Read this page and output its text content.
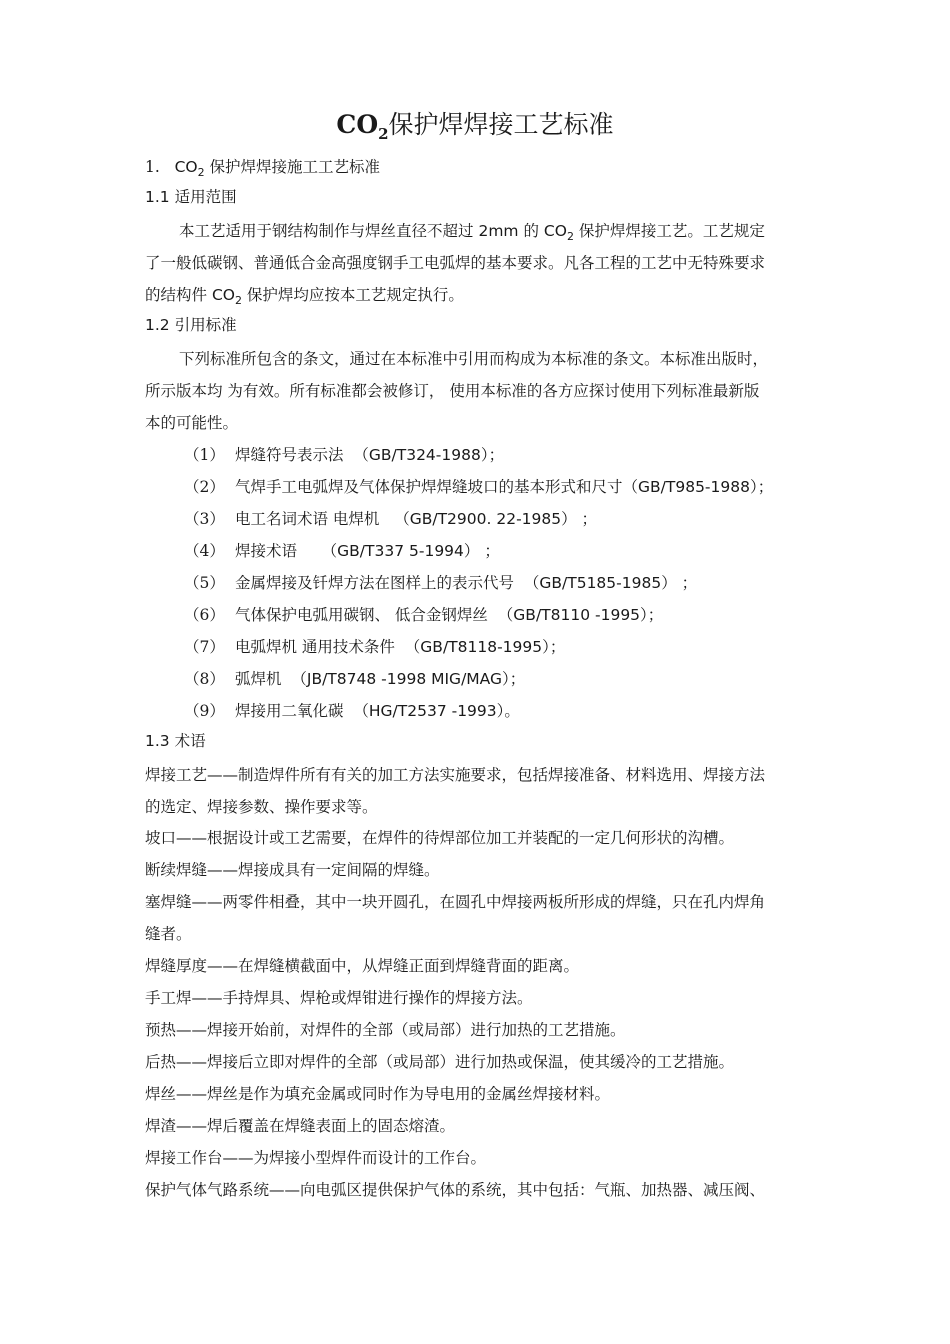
$CO_2$保护焊焊接工艺标准
1. $CO_2$ 保护焊焊接施工工艺标准
1.1 适用范围
本工艺适用于钢结构制作与焊丝直径不超过 2mm 的 $CO_2$ 保护焊焊接工艺。工艺规定
了一般低碳钢、普通低合金高强度钢手工电弧焊的基本要求。凡各工程的工艺中无特殊要求
的结构件 $CO_2$ 保护焊均应按本工艺规定执行。
1.2 引用标准
下列标准所包含的条文，通过在本标准中引用而构成为本标准的条文。本标准出版时，
所示版本均 为有效。所有标准都会被修订， 使用本标准的各方应探讨使用下列标准最新版
本的可能性。
（1） 焊缝符号表示法 （GB/T324-1988）；
（2） 气焊手工电弧焊及气体保护焊焊缝坡口的基本形式和尺寸（GB/T985-1988）；
（3） 电工名词术语 电焊机 （GB/T2900. 22-1985） ；
（4） 焊接术语 （GB/T337 5-1994） ；
（5） 金属焊接及钎焊方法在图样上的表示代号 （GB/T5185-1985） ；
（6） 气体保护电弧用碳钢、 低合金钢焊丝 （GB/T8110 -1995）；
（7） 电弧焊机 通用技术条件 （GB/T8118-1995）；
（8） 弧焊机 （JB/T8748 -1998 MIG/MAG）；
（9） 焊接用二氧化碳 （HG/T2537 -1993）。
1.3 术语
焊接工艺——制造焊件所有有关的加工方法实施要求，包括焊接准备、材料选用、焊接方法
的选定、焊接参数、操作要求等。
坡口——根据设计或工艺需要，在焊件的待焊部位加工并装配的一定几何形状的沟槽。
断续焊缝——焊接成具有一定间隔的焊缝。
塞焊缝——两零件相叠，其中一块开圆孔，在圆孔中焊接两板所形成的焊缝，只在孔内焊角
缝者。
焊缝厚度——在焊缝横截面中，从焊缝正面到焊缝背面的距离。
手工焊——手持焊具、焊枪或焊钳进行操作的焊接方法。
预热——焊接开始前，对焊件的全部（或局部）进行加热的工艺措施。
后热——焊接后立即对焊件的全部（或局部）进行加热或保温，使其缓冷的工艺措施。
焊丝——焊丝是作为填充金属或同时作为导电用的金属丝焊接材料。
焊渣——焊后覆盖在焊缝表面上的固态熔渣。
焊接工作台——为焊接小型焊件而设计的工作台。
保护气体气路系统——向电弧区提供保护气体的系统，其中包括：气瓶、加热器、减压阀、
